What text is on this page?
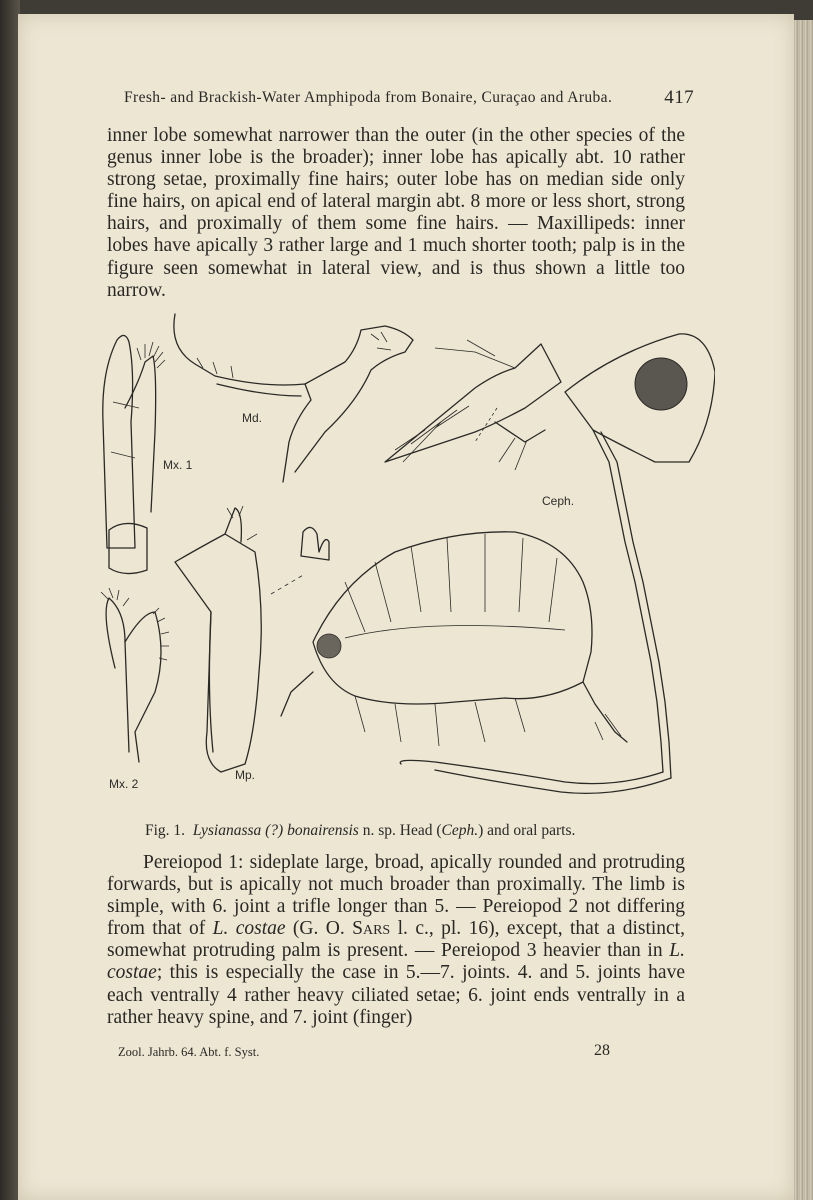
Fresh- and Brackish-Water Amphipoda from Bonaire, Curaçao and Aruba.	417
inner lobe somewhat narrower than the outer (in the other species of the genus inner lobe is the broader); inner lobe has apically abt. 10 rather strong setae, proximally fine hairs; outer lobe has on median side only fine hairs, on apical end of lateral margin abt. 8 more or less short, strong hairs, and proximally of them some fine hairs. — Maxillipeds: inner lobes have apically 3 rather large and 1 much shorter tooth; palp is in the figure seen somewhat in lateral view, and is thus shown a little too narrow.
Mx. 1
Md.
Ceph.
Mx. 2
Mp.
Fig. 1. Lysianassa (?) bonairensis n. sp. Head (Ceph.) and oral parts.
Pereiopod 1: sideplate large, broad, apically rounded and protruding forwards, but is apically not much broader than proximally. The limb is simple, with 6. joint a trifle longer than 5. — Pereiopod 2 not differing from that of L. costae (G. O. Sars l. c., pl. 16), except, that a distinct, somewhat protruding palm is present. — Pereiopod 3 heavier than in L. costae; this is especially the case in 5.—7. joints. 4. and 5. joints have each ventrally 4 rather heavy ciliated setae; 6. joint ends ventrally in a rather heavy spine, and 7. joint (finger)
Zool. Jahrb. 64. Abt. f. Syst.	28
